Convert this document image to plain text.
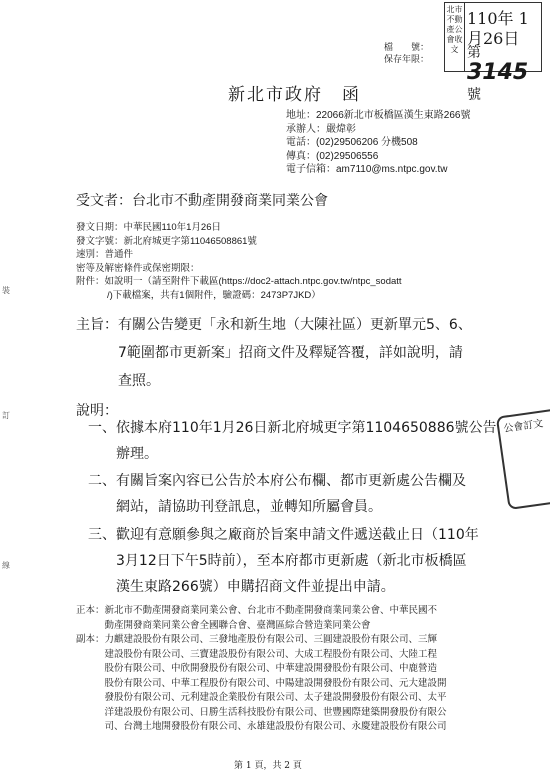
北市不動產公會收文
110年 1月26日
第 3145 號
檔　　號：
保存年限：
新北市政府　函
地址：22066新北市板橋區漢生東路266號
承辦人：嚴煒彰
電話：(02)29506206 分機508
傳真：(02)29506556
電子信箱：am7110@ms.ntpc.gov.tw
受文者：台北市不動產開發商業同業公會
發文日期：中華民國110年1月26日
發文字號：新北府城更字第11046508861號
速別：普通件
密等及解密條件或保密期限：
附件：如說明一（請至附件下載區(https://doc2-attach.ntpc.gov.tw/ntpc_sodatt
/)下載檔案，共有1個附件，驗證碼：2473P7JKD）
主旨：有關公告變更「永和新生地（大陳社區）更新單元5、6、
7範圍都市更新案」招商文件及釋疑答覆，詳如說明，請
查照。
說明：
一、依據本府110年1月26日新北府城更字第1104650886號公告
辦理。
二、有關旨案內容已公告於本府公布欄、都市更新處公告欄及
網站，請協助刊登訊息，並轉知所屬會員。
三、歡迎有意願參與之廠商於旨案申請文件遞送截止日（110年
3月12日下午5時前），至本府都市更新處（新北市板橋區
漢生東路266號）申購招商文件並提出申請。
正本：新北市不動產開發商業同業公會、台北市不動產開發商業同業公會、中華民國不
　　　動產開發商業同業公會全國聯合會、臺灣區綜合營造業同業公會
副本：力麒建設股份有限公司、三發地產股份有限公司、三圓建設股份有限公司、三輝
　　　建設股份有限公司、三寶建設股份有限公司、大成工程股份有限公司、大陸工程
　　　股份有限公司、中欣開發股份有限公司、中華建設開發股份有限公司、中鹿營造
　　　股份有限公司、中華工程股份有限公司、中陽建設開發股份有限公司、元大建設開
　　　發股份有限公司、元利建設企業股份有限公司、太子建設開發股份有限公司、太平
　　　洋建設股份有限公司、日勝生活科技股份有限公司、世豐國際建築開發股份有限公
　　　司、台灣土地開發股份有限公司、永雄建設股份有限公司、永慶建設股份有限公司
第 1 頁，共 2 頁
公會訂文
裝
訂
線
